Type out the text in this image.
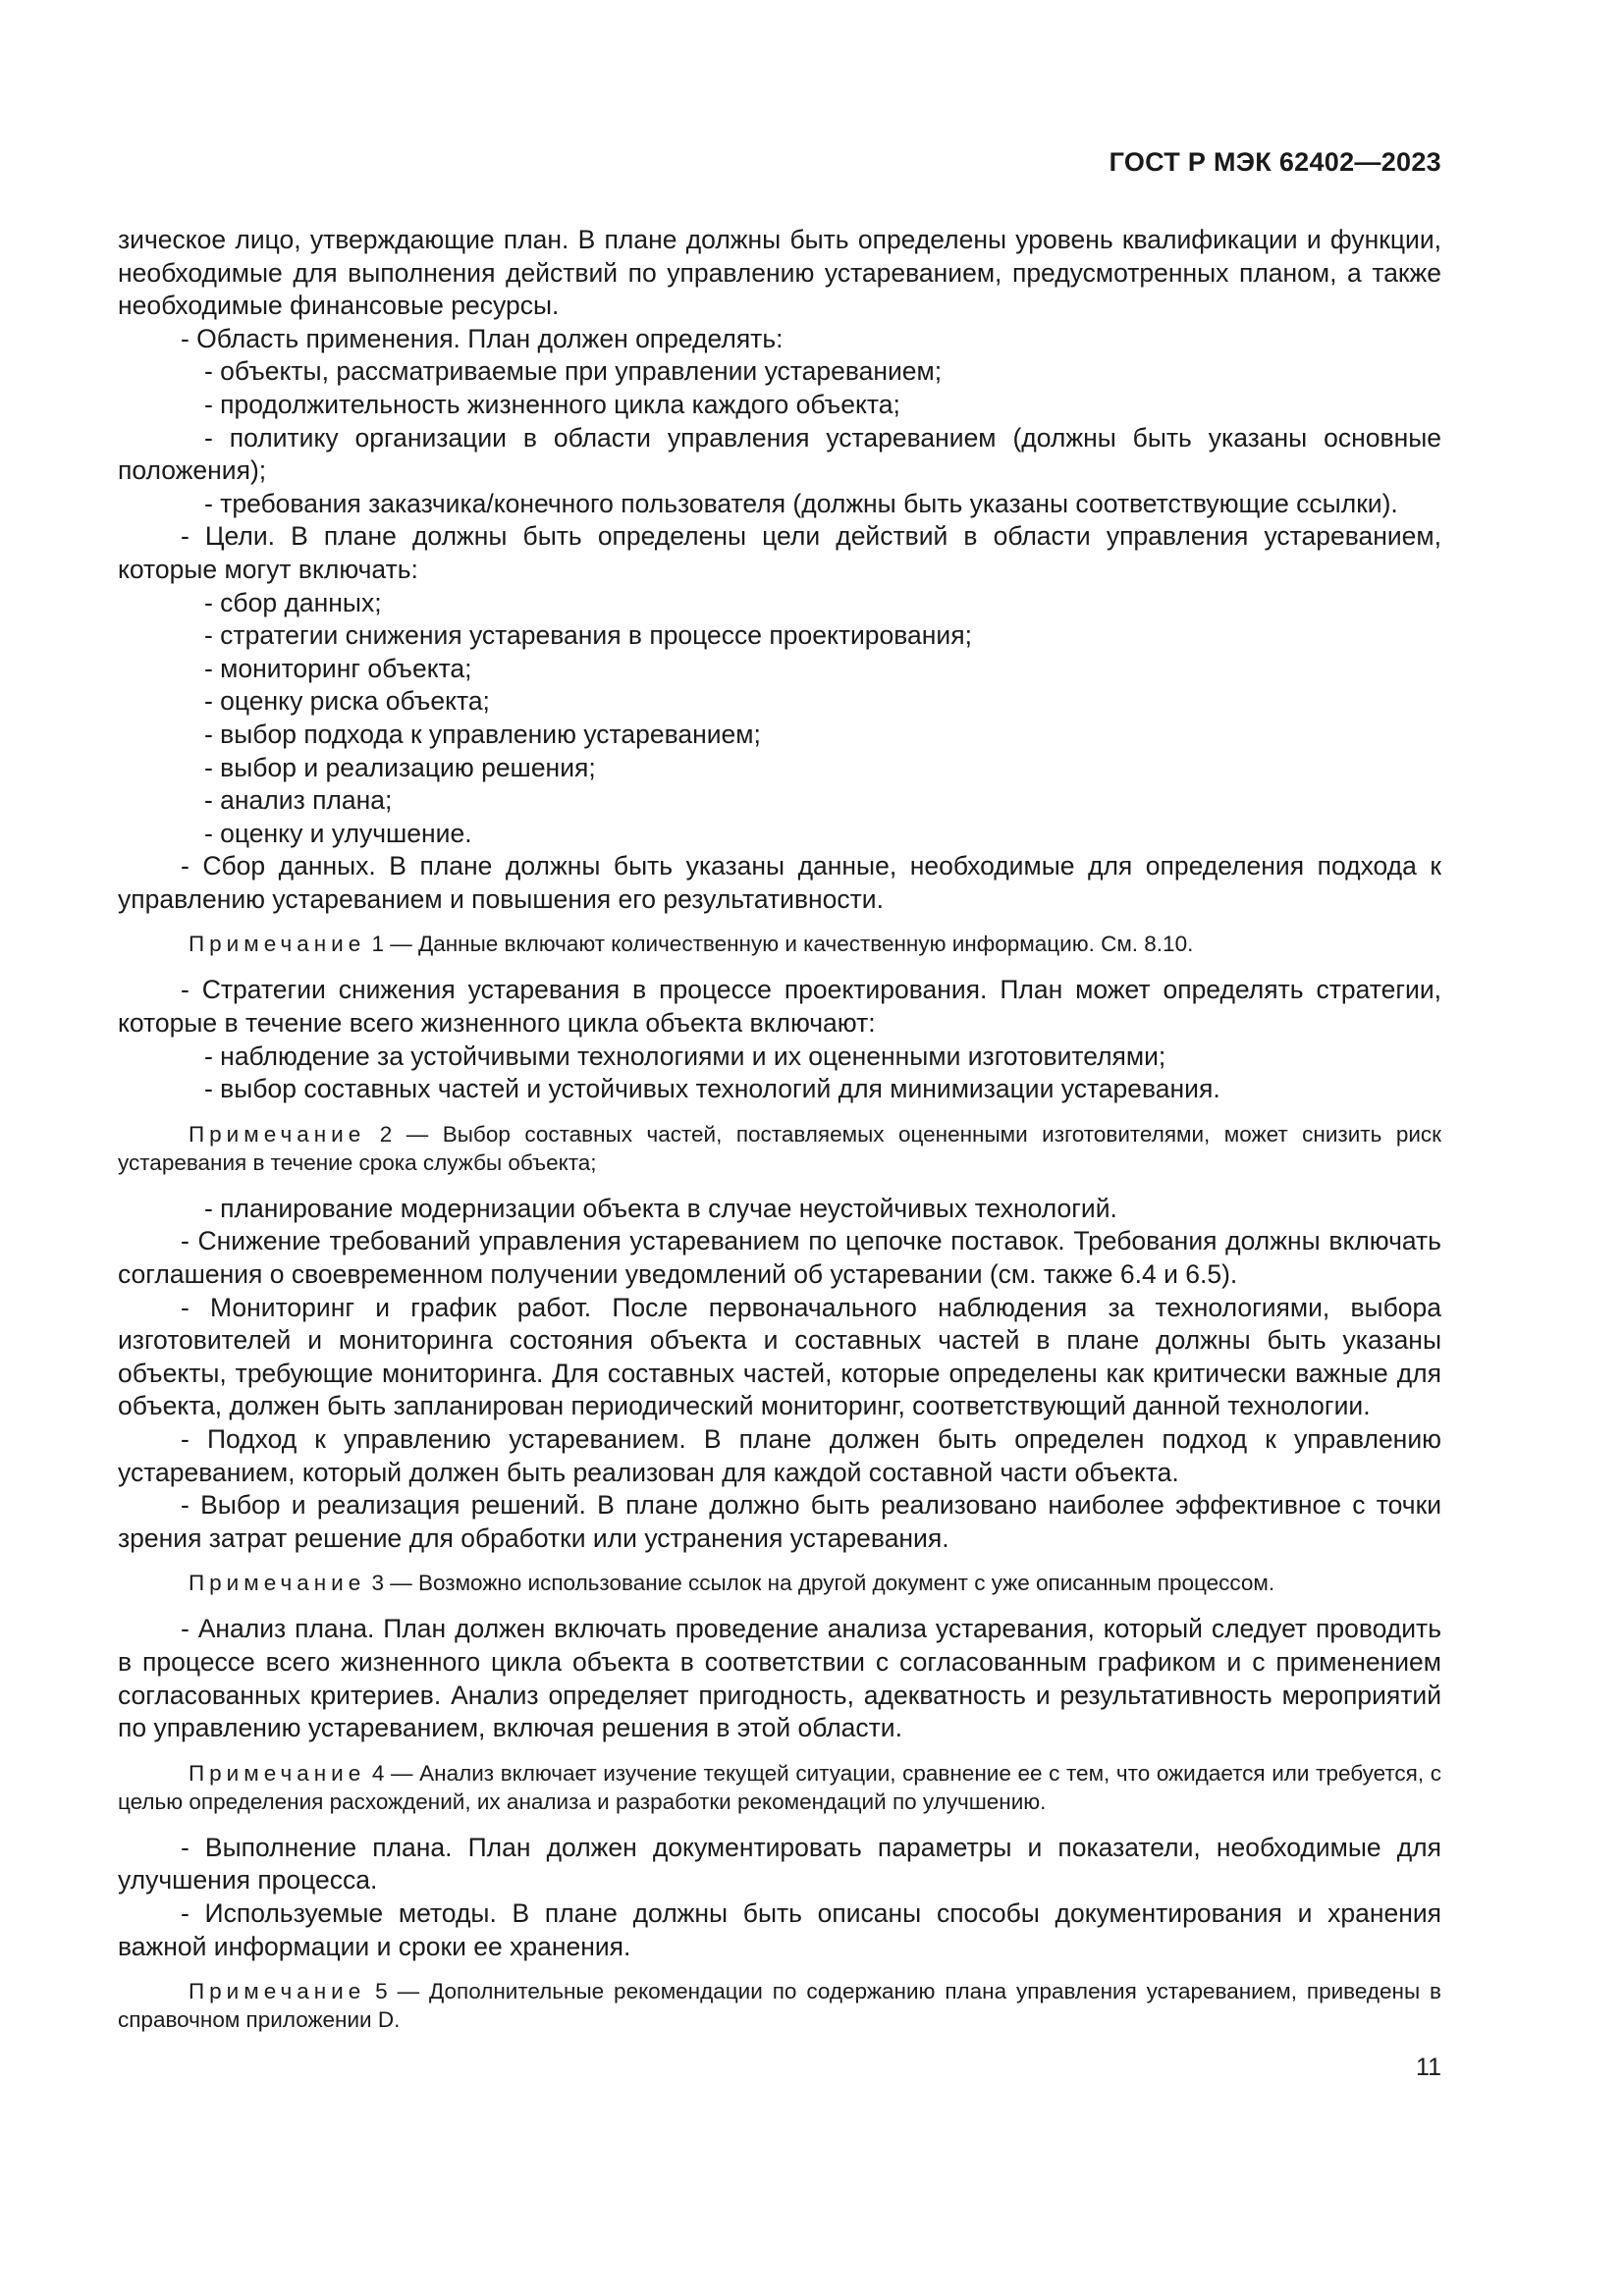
ГОСТ Р МЭК 62402—2023

зическое лицо, утверждающие план. В плане должны быть определены уровень квалификации и функции, необходимые для выполнения действий по управлению устареванием, предусмотренных планом, а также необходимые финансовые ресурсы.

- Область применения. План должен определять:

- объекты, рассматриваемые при управлении устареванием;

- продолжительность жизненного цикла каждого объекта;

- политику организации в области управления устареванием (должны быть указаны основные положения);

- требования заказчика/конечного пользователя (должны быть указаны соответствующие ссылки).

- Цели. В плане должны быть определены цели действий в области управления устареванием, которые могут включать:

- сбор данных;

- стратегии снижения устаревания в процессе проектирования;

- мониторинг объекта;

- оценку риска объекта;

- выбор подхода к управлению устареванием;

- выбор и реализацию решения;

- анализ плана;

- оценку и улучшение.

- Сбор данных. В плане должны быть указаны данные, необходимые для определения подхода к управлению устареванием и повышения его результативности.

Примечание 1 — Данные включают количественную и качественную информацию. См. 8.10.

- Стратегии снижения устаревания в процессе проектирования. План может определять стратегии, которые в течение всего жизненного цикла объекта включают:

- наблюдение за устойчивыми технологиями и их оцененными изготовителями;

- выбор составных частей и устойчивых технологий для минимизации устаревания.

Примечание 2 — Выбор составных частей, поставляемых оцененными изготовителями, может снизить риск устаревания в течение срока службы объекта;

- планирование модернизации объекта в случае неустойчивых технологий.

- Снижение требований управления устареванием по цепочке поставок. Требования должны включать соглашения о своевременном получении уведомлений об устаревании (см. также 6.4 и 6.5).

- Мониторинг и график работ. После первоначального наблюдения за технологиями, выбора изготовителей и мониторинга состояния объекта и составных частей в плане должны быть указаны объекты, требующие мониторинга. Для составных частей, которые определены как критически важные для объекта, должен быть запланирован периодический мониторинг, соответствующий данной технологии.

- Подход к управлению устареванием. В плане должен быть определен подход к управлению устареванием, который должен быть реализован для каждой составной части объекта.

- Выбор и реализация решений. В плане должно быть реализовано наиболее эффективное с точки зрения затрат решение для обработки или устранения устаревания.

Примечание 3 — Возможно использование ссылок на другой документ с уже описанным процессом.

- Анализ плана. План должен включать проведение анализа устаревания, который следует проводить в процессе всего жизненного цикла объекта в соответствии с согласованным графиком и с применением согласованных критериев. Анализ определяет пригодность, адекватность и результативность мероприятий по управлению устареванием, включая решения в этой области.

Примечание 4 — Анализ включает изучение текущей ситуации, сравнение ее с тем, что ожидается или требуется, с целью определения расхождений, их анализа и разработки рекомендаций по улучшению.

- Выполнение плана. План должен документировать параметры и показатели, необходимые для улучшения процесса.

- Используемые методы. В плане должны быть описаны способы документирования и хранения важной информации и сроки ее хранения.

Примечание 5 — Дополнительные рекомендации по содержанию плана управления устареванием, приведены в справочном приложении D.

11
